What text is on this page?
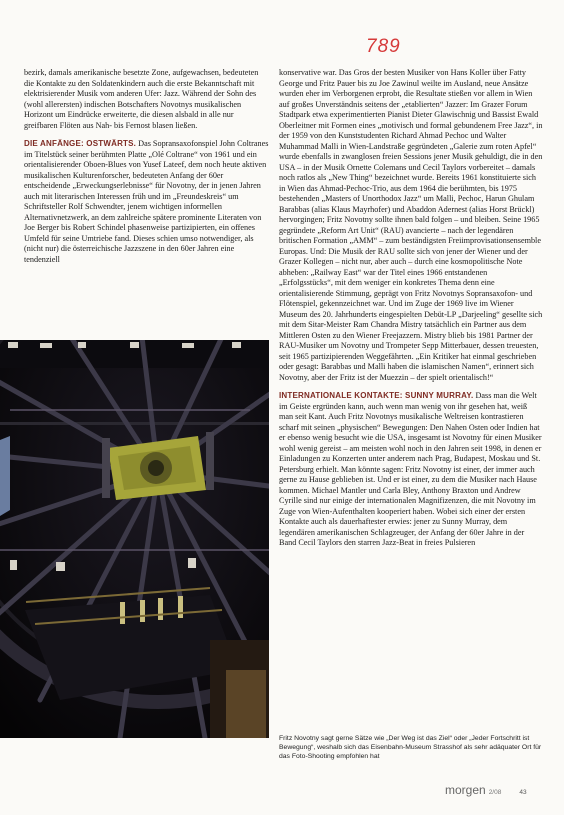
789

bezirk, damals amerikanische besetzte Zone, aufgewachsen, bedeuteten die Kontakte zu den Soldatenkindern auch die erste Bekanntschaft mit elektrisierender Musik vom anderen Ufer: Jazz. Während der Sohn des (wohl allerersten) indischen Botschafters Novotnys musikalischen Horizont um Eindrücke erweiterte, die diesen alsbald in alle nur greifbaren Flöten aus Nah- bis Fernost blasen ließen.

DIE ANFÄNGE: OSTWÄRTS. Das Sopransaxofonspiel John Coltranes im Titelstück seiner berühmten Platte „Olé Coltrane“ von 1961 und ein orientalisierender Oboen-Blues von Yusef Lateef, dem noch heute aktiven musikalischen Kulturenforscher, bedeuteten Anfang der 60er entscheidende „Erweckungserlebnisse“ für Novotny, der in jenen Jahren auch mit literarischen Interessen früh und im „Freundeskreis“ um Schriftsteller Rolf Schwendter, jenem wichtigen informellen Alternativnetzwerk, an dem zahlreiche spätere prominente Literaten von Joe Berger bis Robert Schindel phasenweise partizipierten, ein offenes Umfeld für seine Umtriebe fand. Dieses schien umso notwendiger, als (nicht nur) die österreichische Jazzszene in den 60er Jahren eine tendenziell

konservative war. Das Gros der besten Musiker von Hans Koller über Fatty George und Fritz Pauer bis zu Joe Zawinul weilte im Ausland, neue Ansätze wurden eher im Verborgenen erprobt, die Resultate stießen vor allem in Wien auf großes Unverständnis seitens der „etablierten“ Jazzer: Im Grazer Forum Stadtpark etwa experimentierten Pianist Dieter Glawischnig und Bassist Ewald Oberleitner mit Formen eines „motivisch und formal gebundenem Free Jazz“, in der 1959 von den Kunststudenten Richard Ahmad Pechoc und Walter Muhammad Malli in Wien-Landstraße gegründeten „Galerie zum roten Apfel“ wurde ebenfalls in zwanglosen freien Sessions jener Musik gehuldigt, die in den USA – in der Musik Ornette Colemans und Cecil Taylors vorbereitet – damals noch ratlos als „New Thing“ bezeichnet wurde. Bereits 1961 konstituierte sich in Wien das Ahmad-Pechoc-Trio, aus dem 1964 die berühmten, bis 1975 bestehenden „Masters of Unorthodox Jazz“ um Malli, Pechoc, Harun Ghulam Barabbas (alias Klaus Mayrhofer) und Abaddon Adernest (alias Horst Brückl) hervorgingen; Fritz Novotny sollte ihnen bald folgen – und bleiben. Seine 1965 gegründete „Reform Art Unit“ (RAU) avancierte – nach der legendären britischen Formation „AMM“ – zum beständigsten Freiimprovisationsensemble Europas. Und: Die Musik der RAU sollte sich von jener der Wiener und der Grazer Kollegen – nicht nur, aber auch – durch eine kosmopolitische Note abheben: „Railway East“ war der Titel eines 1966 entstandenen „Erfolgsstücks“, mit dem weniger ein konkretes Thema denn eine orientalisierende Stimmung, geprägt von Fritz Novotnys Sopransaxofon- und Flötenspiel, gekennzeichnet war. Und im Zuge der 1969 live im Wiener Museum des 20. Jahrhunderts eingespielten Debüt-LP „Darjeeling“ gesellte sich mit dem Sitar-Meister Ram Chandra Mistry tatsächlich ein Partner aus dem Mittleren Osten zu den Wiener Freejazzern. Mistry blieb bis 1981 Partner der RAU-Musiker um Novotny und Trompeter Sepp Mitterbauer, dessen treuesten, seit 1965 partizipierenden Weggefährten. „Ein Kritiker hat einmal geschrieben oder gesagt: Barabbas und Malli haben die islamischen Namen“, erinnert sich Novotny, aber der Fritz ist der Muezzin – der spielt orientalisch!“

INTERNATIONALE KONTAKTE: SUNNY MURRAY. Dass man die Welt im Geiste ergründen kann, auch wenn man wenig von ihr gesehen hat, weiß man seit Kant. Auch Fritz Novotnys musikalische Weltreisen kontrastieren scharf mit seinen „physischen“ Bewegungen: Den Nahen Osten oder Indien hat er ebenso wenig besucht wie die USA, insgesamt ist Novotny für einen Musiker wohl wenig gereist – am meisten wohl noch in den Jahren seit 1998, in denen er Einladungen zu Konzerten unter anderem nach Prag, Budapest, Moskau und St. Petersburg erhielt. Man könnte sagen: Fritz Novotny ist einer, der immer auch gerne zu Hause geblieben ist. Und er ist einer, zu dem die Musiker nach Hause kommen. Michael Mantler und Carla Bley, Anthony Braxton und Andrew Cyrille sind nur einige der internationalen Magnifizenzen, die mit Novotny im Zuge von Wien-Aufenthalten kooperiert haben. Wobei sich einer der ersten Kontakte auch als dauerhaftester erwies: jener zu Sunny Murray, dem legendären amerikanischen Schlagzeuger, der Anfang der 60er Jahre in der Band Cecil Taylors den starren Jazz-Beat in freies Pulsieren

Fritz Novotny sagt gerne Sätze wie „Der Weg ist das Ziel“ oder „Jeder Fortschritt ist Bewegung“, weshalb sich das Eisenbahn-Museum Strasshof als sehr adäquater Ort für das Foto-Shooting empfohlen hat
morgen 2/08	43
